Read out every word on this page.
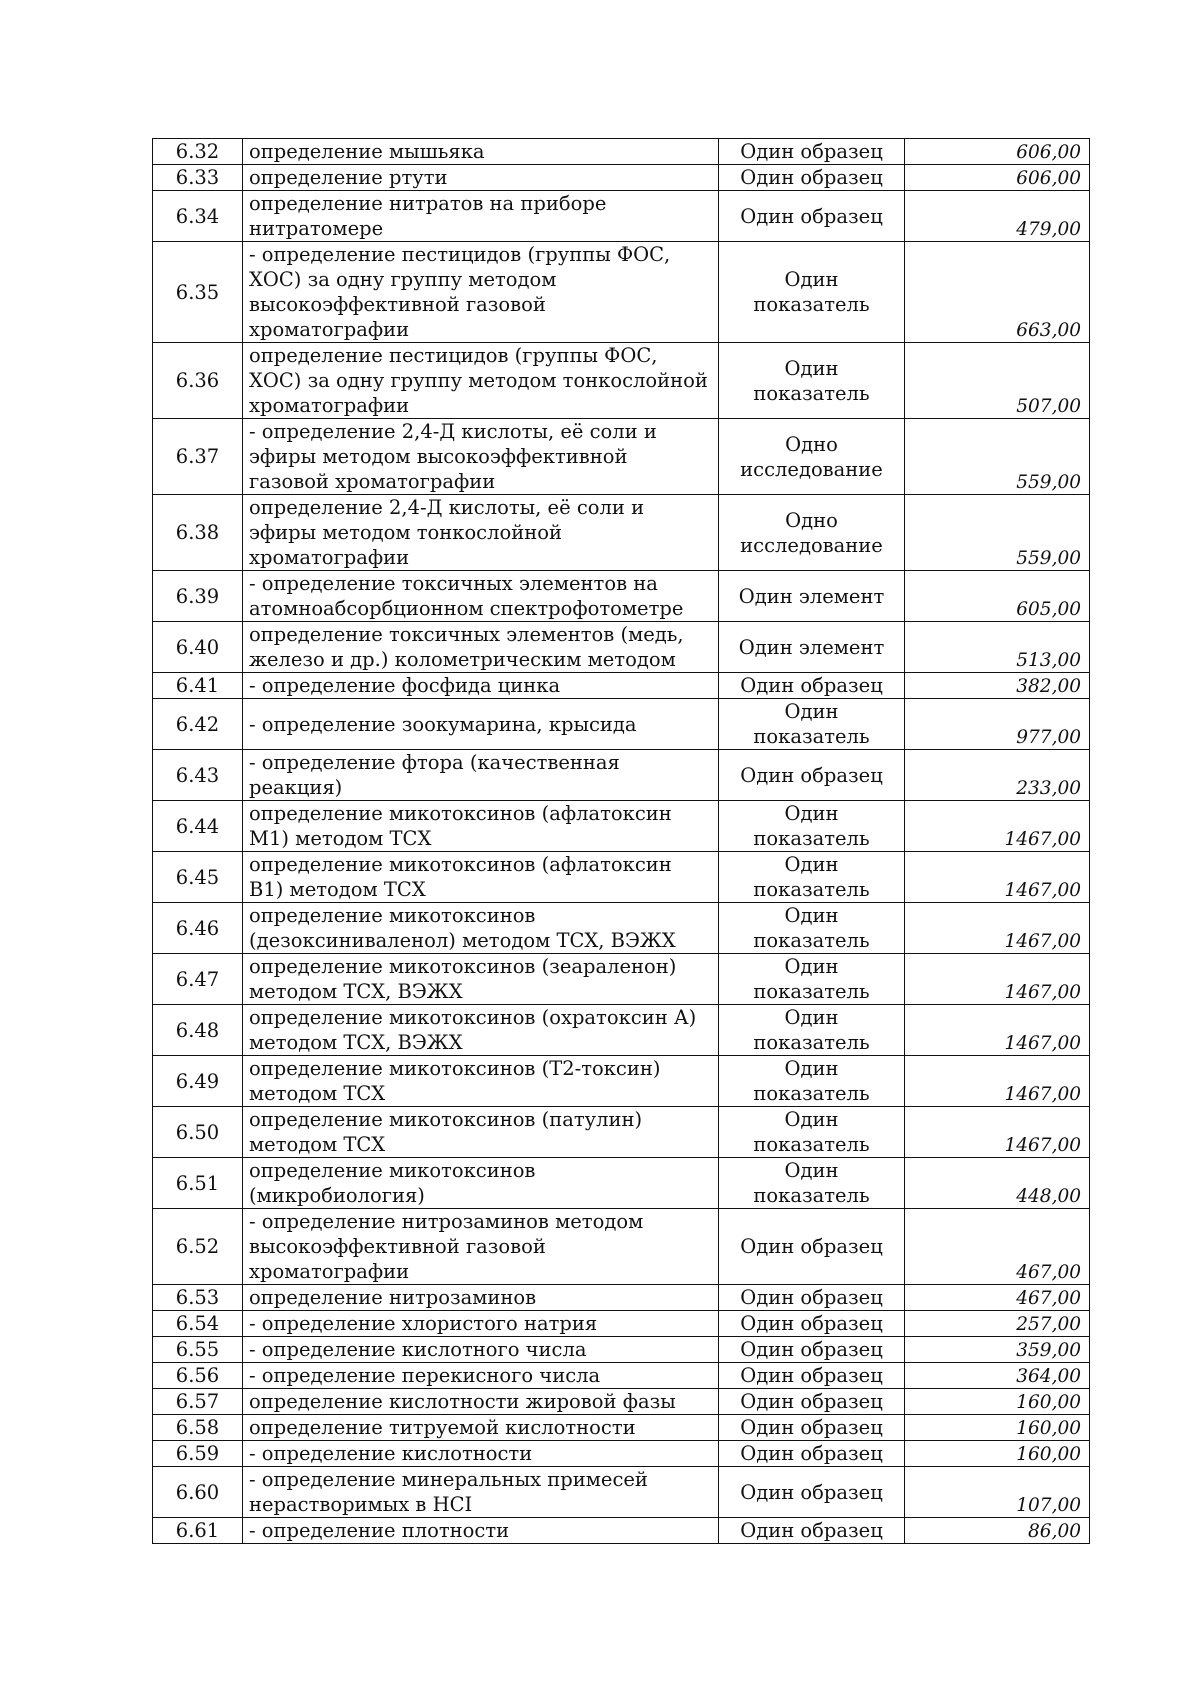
6.32	определение мышьяка	Один образец	606,00
6.33	определение ртути	Один образец	606,00
6.34	определение нитратов на приборе нитратомере	Один образец	479,00
6.35	- определение пестицидов (группы ФОС, ХОС) за одну группу методом высокоэффективной газовой хроматографии	Один показатель	663,00
6.36	определение пестицидов (группы ФОС, ХОС) за одну группу методом тонкослойной хроматографии	Один показатель	507,00
6.37	- определение 2,4-Д кислоты, её соли и эфиры методом высокоэффективной газовой хроматографии	Одно исследование	559,00
6.38	определение 2,4-Д кислоты, её соли и эфиры методом тонкослойной хроматографии	Одно исследование	559,00
6.39	- определение токсичных элементов на атомноабсорбционном спектрофотометре	Один элемент	605,00
6.40	определение токсичных элементов (медь, железо и др.) колометрическим методом	Один элемент	513,00
6.41	- определение фосфида цинка	Один образец	382,00
6.42	- определение зоокумарина, крысида	Один показатель	977,00
6.43	- определение фтора (качественная реакция)	Один образец	233,00
6.44	определение микотоксинов (афлатоксин М1) методом ТСХ	Один показатель	1467,00
6.45	определение микотоксинов (афлатоксин В1) методом ТСХ	Один показатель	1467,00
6.46	определение микотоксинов (дезоксиниваленол) методом ТСХ, ВЭЖХ	Один показатель	1467,00
6.47	определение микотоксинов (зеараленон) методом ТСХ, ВЭЖХ	Один показатель	1467,00
6.48	определение микотоксинов (охратоксин А) методом ТСХ, ВЭЖХ	Один показатель	1467,00
6.49	определение микотоксинов (Т2-токсин) методом ТСХ	Один показатель	1467,00
6.50	определение микотоксинов (патулин) методом ТСХ	Один показатель	1467,00
6.51	определение микотоксинов (микробиология)	Один показатель	448,00
6.52	- определение нитрозаминов методом высокоэффективной газовой хроматографии	Один образец	467,00
6.53	определение нитрозаминов	Один образец	467,00
6.54	- определение хлористого натрия	Один образец	257,00
6.55	- определение кислотного числа	Один образец	359,00
6.56	- определение перекисного числа	Один образец	364,00
6.57	определение кислотности жировой фазы	Один образец	160,00
6.58	определение титруемой кислотности	Один образец	160,00
6.59	- определение кислотности	Один образец	160,00
6.60	- определение минеральных примесей нерастворимых в HCI	Один образец	107,00
6.61	- определение плотности	Один образец	86,00
